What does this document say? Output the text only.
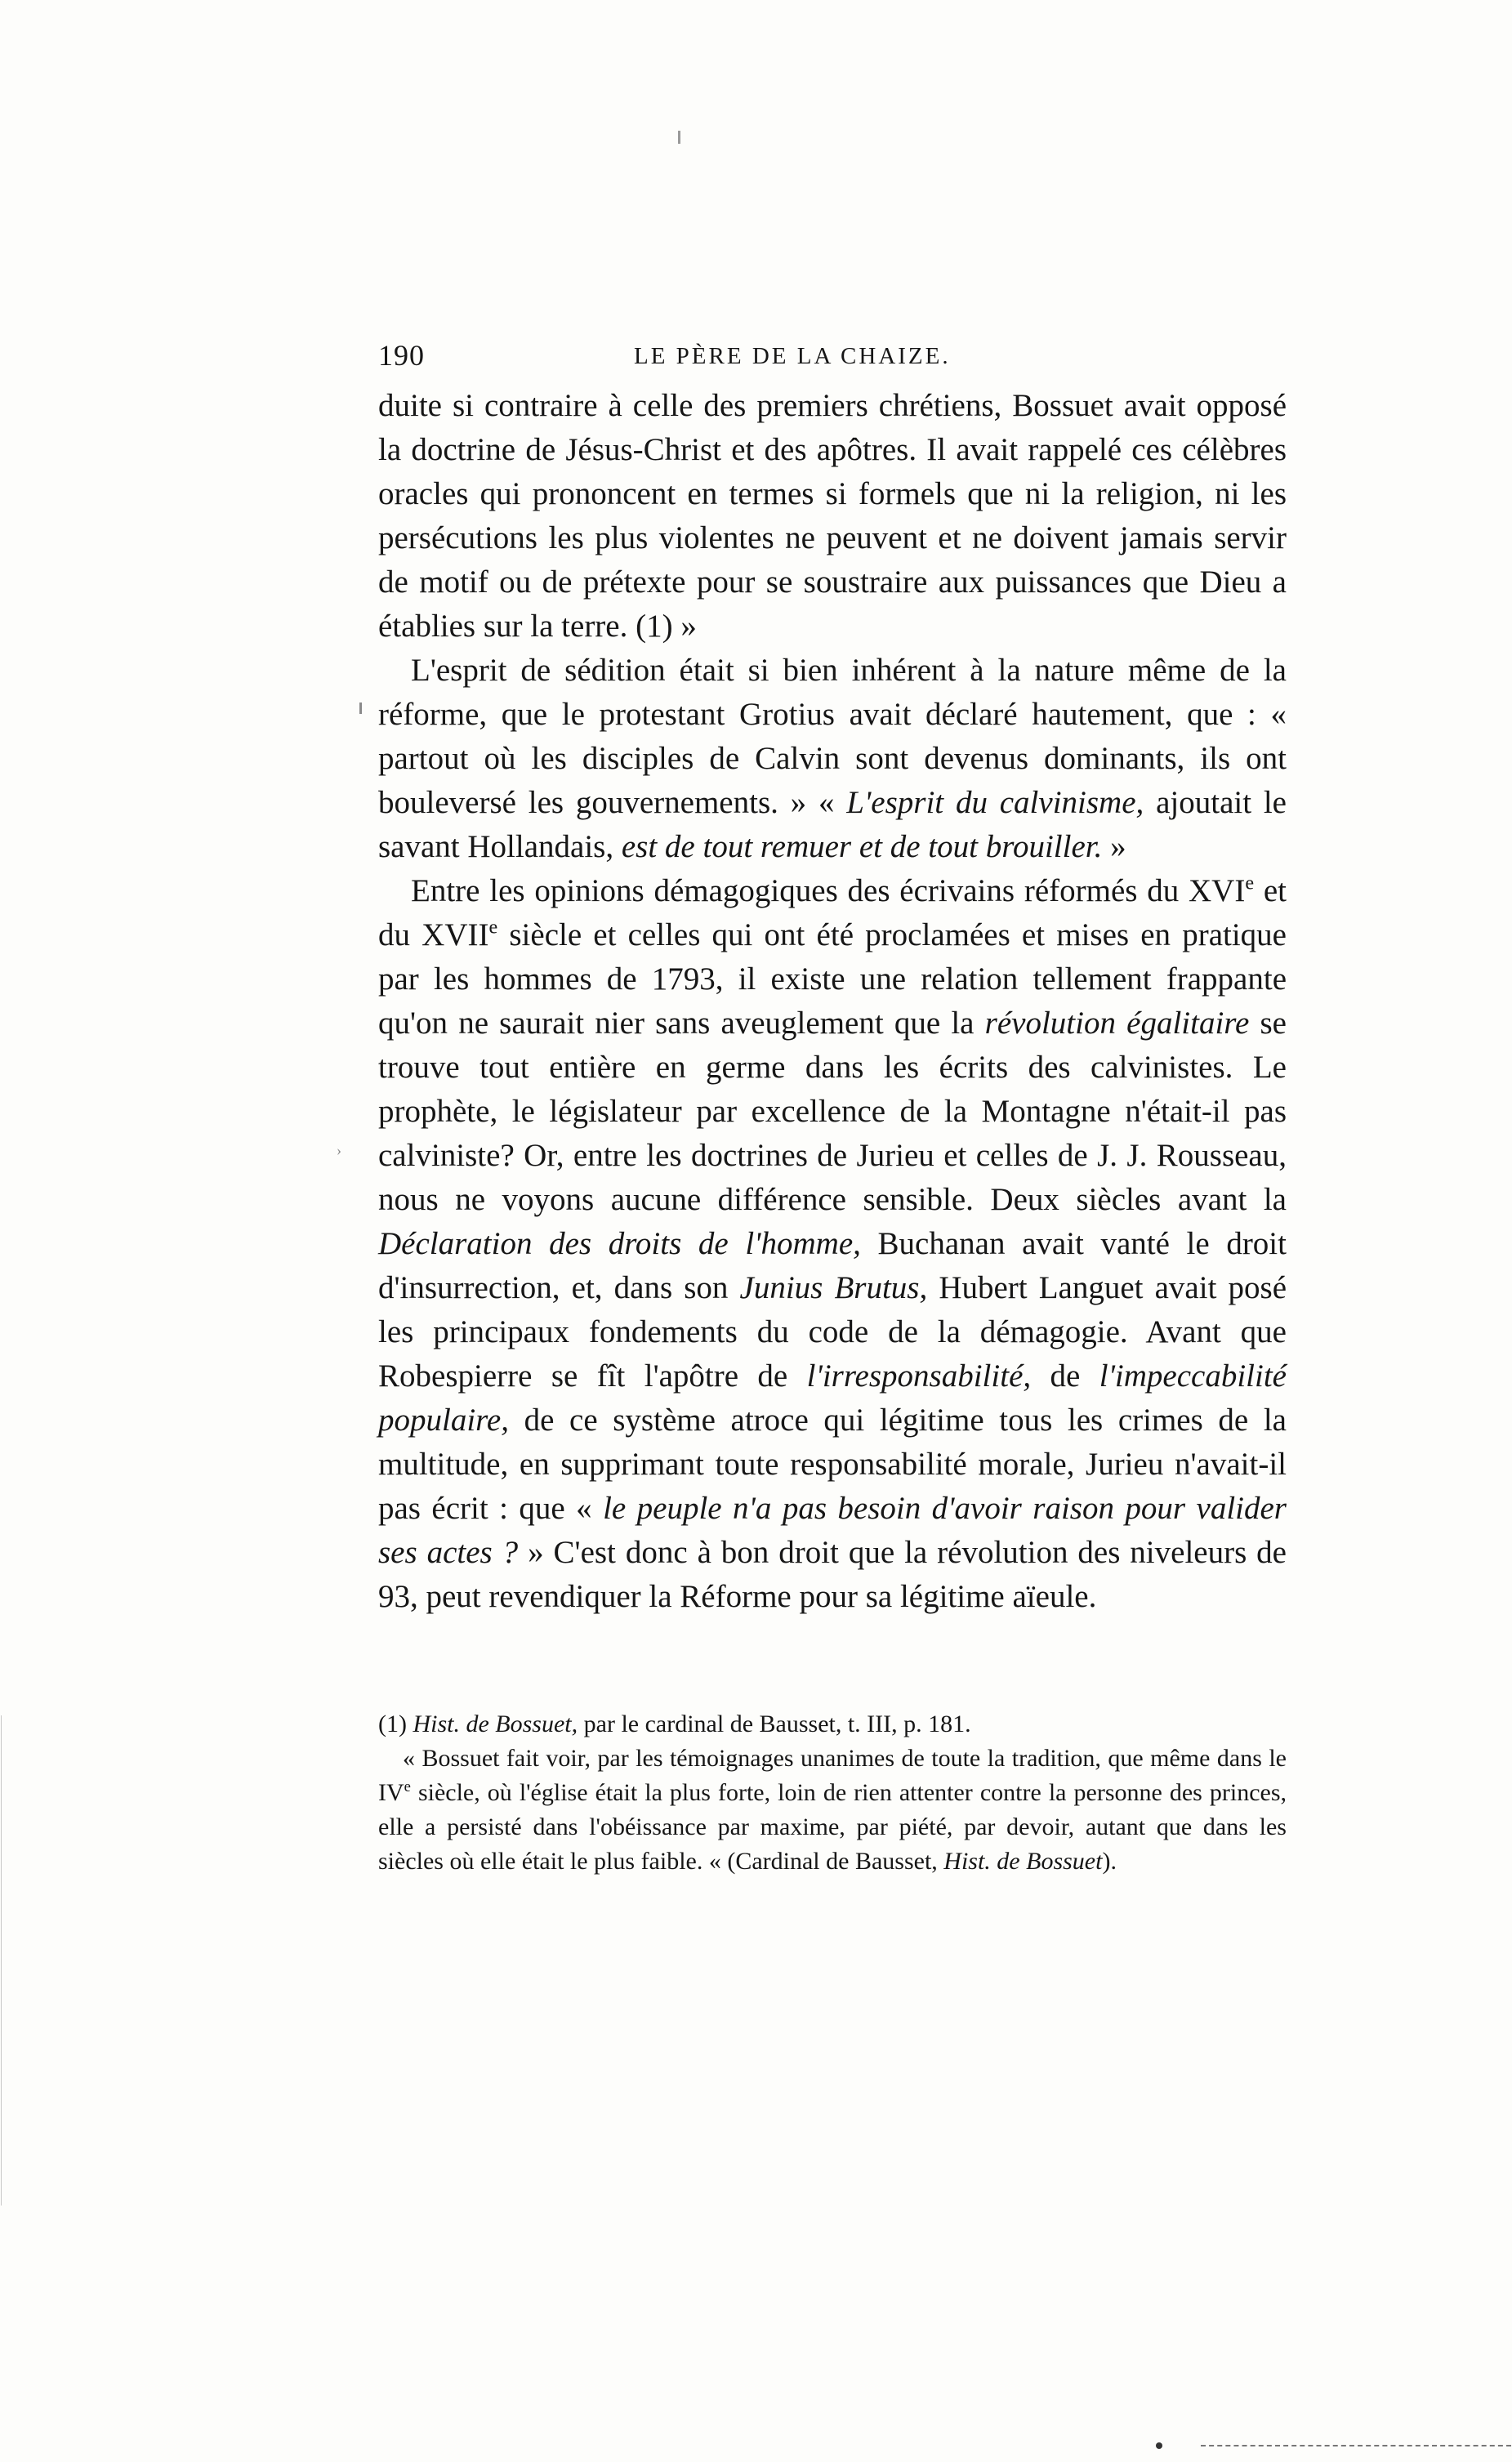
›
190	LE PÈRE DE LA CHAIZE.

duite si contraire à celle des premiers chrétiens, Bossuet avait opposé la doctrine de Jésus-Christ et des apôtres. Il avait rappelé ces célèbres oracles qui prononcent en termes si formels que ni la religion, ni les persécutions les plus violentes ne peuvent et ne doivent jamais servir de motif ou de prétexte pour se soustraire aux puissances que Dieu a établies sur la terre. (1) »

L'esprit de sédition était si bien inhérent à la nature même de la réforme, que le protestant Grotius avait déclaré hautement, que : « partout où les disciples de Calvin sont devenus dominants, ils ont bouleversé les gouvernements. » « L'esprit du calvinisme, ajoutait le savant Hollandais, est de tout remuer et de tout brouiller. »

Entre les opinions démagogiques des écrivains réformés du XVIe et du XVIIe siècle et celles qui ont été proclamées et mises en pratique par les hommes de 1793, il existe une relation tellement frappante qu'on ne saurait nier sans aveuglement que la révolution égalitaire se trouve tout entière en germe dans les écrits des calvinistes. Le prophète, le législateur par excellence de la Montagne n'était-il pas calviniste? Or, entre les doctrines de Jurieu et celles de J. J. Rousseau, nous ne voyons aucune différence sensible. Deux siècles avant la Déclaration des droits de l'homme, Buchanan avait vanté le droit d'insurrection, et, dans son Junius Brutus, Hubert Languet avait posé les principaux fondements du code de la démagogie. Avant que Robespierre se fît l'apôtre de l'irresponsabilité, de l'impeccabilité populaire, de ce système atroce qui légitime tous les crimes de la multitude, en supprimant toute responsabilité morale, Jurieu n'avait-il pas écrit : que « le peuple n'a pas besoin d'avoir raison pour valider ses actes ? » C'est donc à bon droit que la révolution des niveleurs de 93, peut revendiquer la Réforme pour sa légitime aïeule.

(1) Hist. de Bossuet, par le cardinal de Bausset, t. III, p. 181.

« Bossuet fait voir, par les témoignages unanimes de toute la tradition, que même dans le IVe siècle, où l'église était la plus forte, loin de rien attenter contre la personne des princes, elle a persisté dans l'obéissance par maxime, par piété, par devoir, autant que dans les siècles où elle était le plus faible. « (Cardinal de Bausset, Hist. de Bossuet).
